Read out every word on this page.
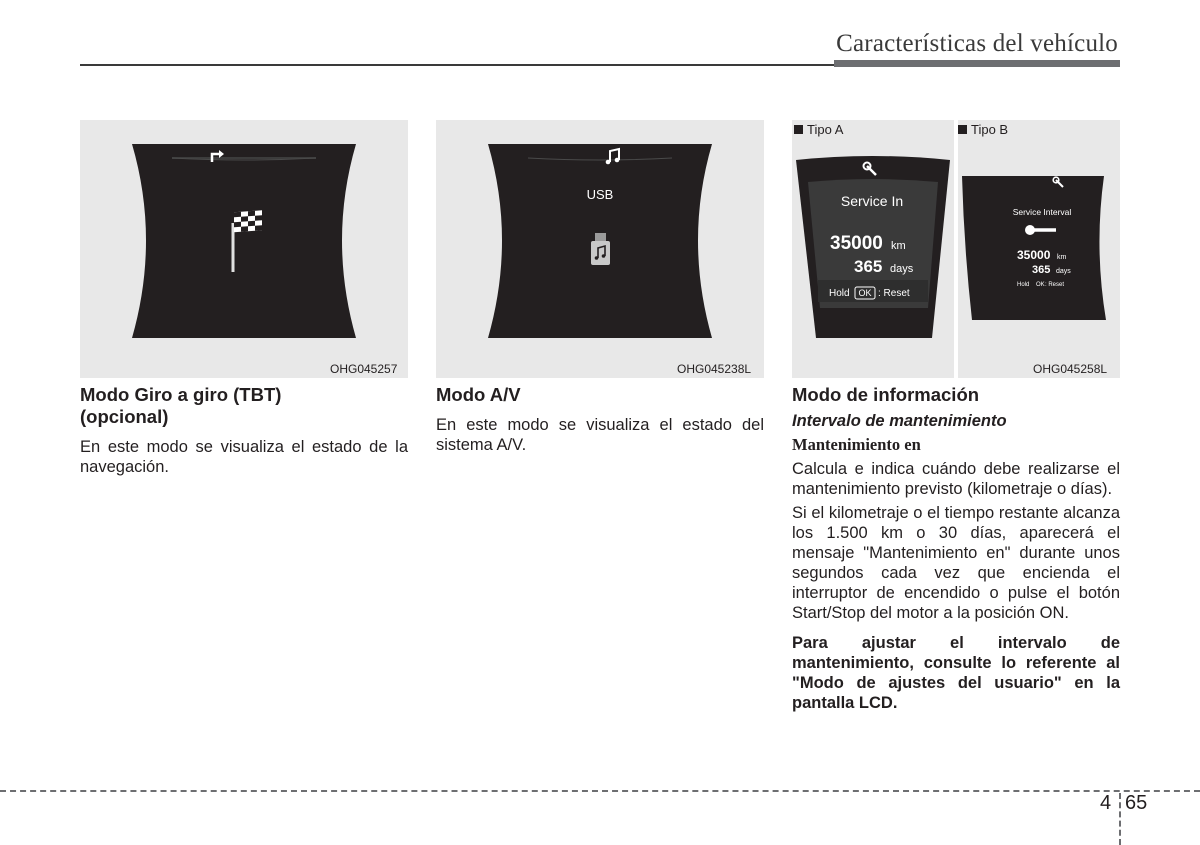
Características del vehículo
OHG045257
USB
OHG045238L
Service In
35000 km
365 days
Hold OK : Reset
Service Interval
35000 km
365 days
Hold OK : Reset
Tipo A	Tipo B
OHG045258L
Modo Giro a giro (TBT)
(opcional)

En este modo se visualiza el estado de la navegación.

Modo A/V

En este modo se visualiza el estado del sistema A/V.

Modo de información

Intervalo de mantenimiento

Mantenimiento en

Calcula e indica cuándo debe realizarse el mantenimiento previsto (kilometraje o días).

Si el kilometraje o el tiempo restante alcanza los 1.500 km o 30 días, aparecerá el mensaje "Mantenimiento en" durante unos segundos cada vez que encienda el interruptor de encendido o pulse el botón Start/Stop del motor a la posición ON.

Para ajustar el intervalo de mantenimiento, consulte lo referente al "Modo de ajustes del usuario" en la pantalla LCD.

4 65
